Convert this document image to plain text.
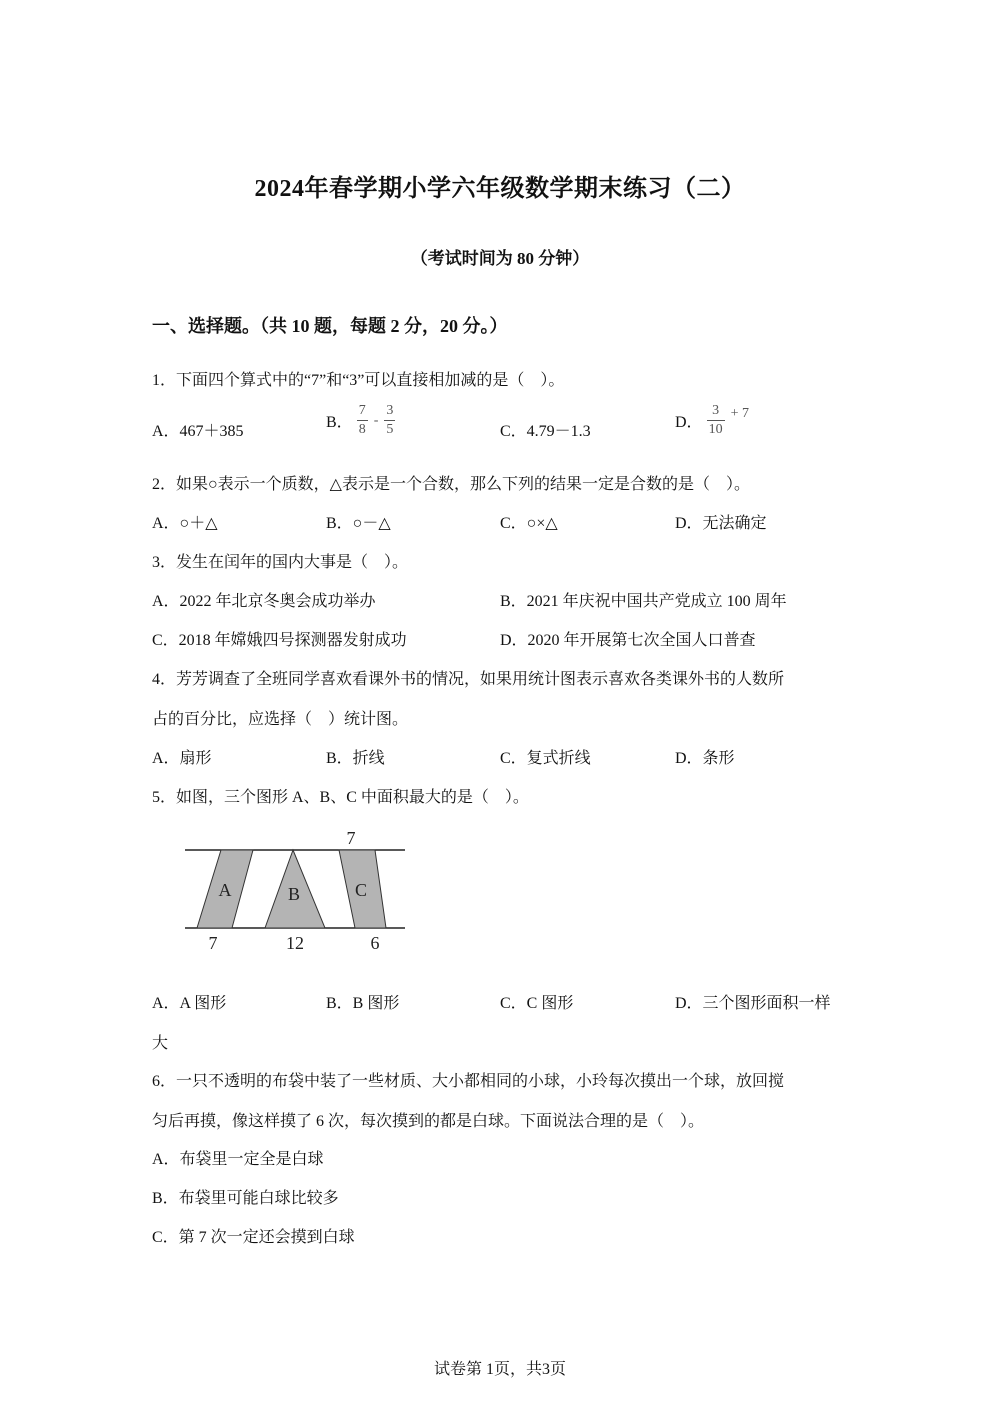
2024年春学期小学六年级数学期末练习（二）
（考试时间为 80 分钟）
一、选择题。（共 10 题，每题 2 分，20 分。）
1．下面四个算式中的“7”和“3”可以直接相加减的是（　）。
A．467＋385
B． $\frac{7}{8} - \frac{3}{5}$	C．4.79－1.3
D． $\frac{3}{10} + 7$
2．如果○表示一个质数，△表示是一个合数，那么下列的结果一定是合数的是（　）。
A．○＋△	B．○－△	C．○×△	D．无法确定
3．发生在闰年的国内大事是（　）。
A．2022 年北京冬奥会成功举办	B．2021 年庆祝中国共产党成立 100 周年
C．2018 年嫦娥四号探测器发射成功	D．2020 年开展第七次全国人口普查
4．芳芳调查了全班同学喜欢看课外书的情况，如果用统计图表示喜欢各类课外书的人数所
占的百分比，应选择（　）统计图。
A．扇形	B．折线	C．复式折线	D．条形
5．如图，三个图形 A、B、C 中面积最大的是（　）。
A	B	C
7
7	12	6
A．A 图形	B．B 图形	C．C 图形	D．三个图形面积一样
大
6．一只不透明的布袋中装了一些材质、大小都相同的小球，小玲每次摸出一个球，放回搅
匀后再摸，像这样摸了 6 次，每次摸到的都是白球。下面说法合理的是（　）。
A．布袋里一定全是白球
B．布袋里可能白球比较多
C．第 7 次一定还会摸到白球
试卷第 1页，共3页
